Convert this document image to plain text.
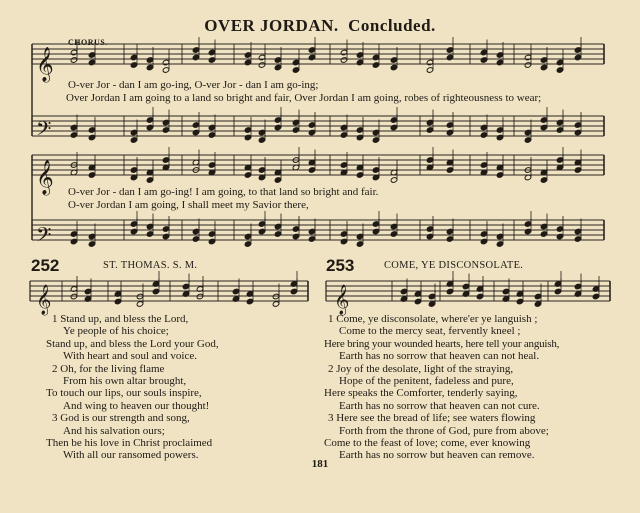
OVER JORDAN. Concluded.
𝄞
𝄢
𝄞
𝄢
𝄞	𝄞
CHORUS.
O-ver Jor - dan I am go-ing, O-ver Jor - dan I am go-ing;
Over Jordan I am going to a land so bright and fair, Over Jordan I am going, robes of righteousness to wear;
O-ver Jor - dan I am go-ing! I am going, to that land so bright and fair.
O-ver Jordan I am going, I shall meet my Savior there,
252	ST. THOMAS. S. M.
1 Stand up, and bless the Lord,
Ye people of his choice;
Stand up, and bless the Lord your God,
With heart and soul and voice.
2 Oh, for the living flame
From his own altar brought,
To touch our lips, our souls inspire,
And wing to heaven our thought!
3 God is our strength and song,
And his salvation ours;
Then be his love in Christ proclaimed
With all our ransomed powers.
253	COME, YE DISCONSOLATE.
1 Come, ye disconsolate, where'er ye languish ;
Come to the mercy seat, fervently kneel ;
Here bring your wounded hearts, here tell your anguish,
Earth has no sorrow that heaven can not heal.
2 Joy of the desolate, light of the straying,
Hope of the penitent, fadeless and pure,
Here speaks the Comforter, tenderly saying,
Earth has no sorrow that heaven can not cure.
3 Here see the bread of life; see waters flowing
Forth from the throne of God, pure from above;
Come to the feast of love; come, ever knowing
Earth has no sorrow but heaven can remove.
181
